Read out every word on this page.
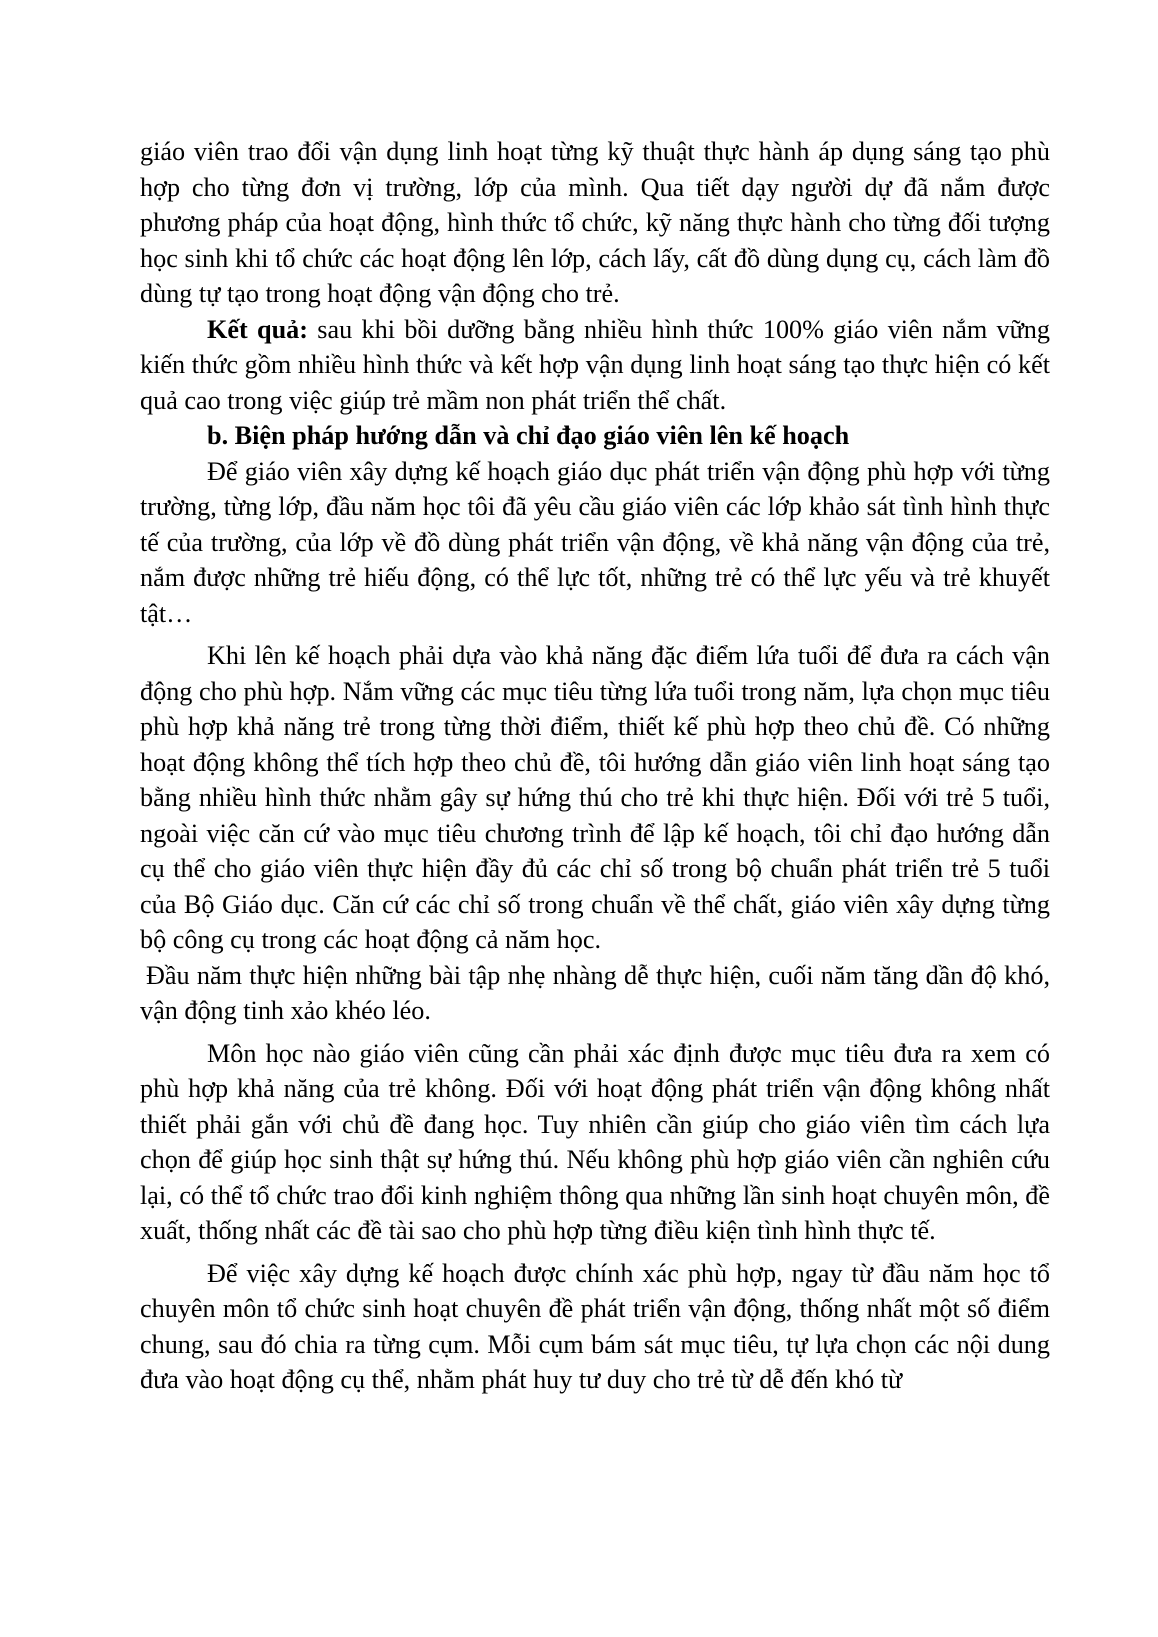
giáo viên trao đổi vận dụng linh hoạt từng kỹ thuật thực hành áp dụng sáng tạo phù hợp cho từng đơn vị trường, lớp của mình. Qua tiết dạy người dự đã nắm được phương pháp của hoạt động, hình thức tổ chức, kỹ năng thực hành cho từng đối tượng học sinh khi tổ chức các hoạt động lên lớp, cách lấy, cất đồ dùng dụng cụ, cách làm đồ dùng tự tạo trong hoạt động vận động cho trẻ.

Kết quả: sau khi bồi dưỡng bằng nhiều hình thức 100% giáo viên nắm vững kiến thức gồm nhiều hình thức và kết hợp vận dụng linh hoạt sáng tạo thực hiện có kết quả cao trong việc giúp trẻ mầm non phát triển thể chất.

b. Biện pháp hướng dẫn và chỉ đạo giáo viên lên kế hoạch

Để giáo viên xây dựng kế hoạch giáo dục phát triển vận động phù hợp với từng trường, từng lớp, đầu năm học tôi đã yêu cầu giáo viên các lớp khảo sát tình hình thực tế của trường, của lớp về đồ dùng phát triển vận động, về khả năng vận động của trẻ, nắm được những trẻ hiếu động, có thể lực tốt, những trẻ có thể lực yếu và trẻ khuyết tật…

Khi lên kế hoạch phải dựa vào khả năng đặc điểm lứa tuổi để đưa ra cách vận động cho phù hợp. Nắm vững các mục tiêu từng lứa tuổi trong năm, lựa chọn mục tiêu phù hợp khả năng trẻ trong từng thời điểm, thiết kế phù hợp theo chủ đề. Có những hoạt động không thể tích hợp theo chủ đề, tôi hướng dẫn giáo viên linh hoạt sáng tạo bằng nhiều hình thức nhằm gây sự hứng thú cho trẻ khi thực hiện. Đối với trẻ 5 tuổi, ngoài việc căn cứ vào mục tiêu chương trình để lập kế hoạch, tôi chỉ đạo hướng dẫn cụ thể cho giáo viên thực hiện đầy đủ các chỉ số trong bộ chuẩn phát triển trẻ 5 tuổi của Bộ Giáo dục. Căn cứ các chỉ số trong chuẩn về thể chất, giáo viên xây dựng từng bộ công cụ trong các hoạt động cả năm học.

Đầu năm thực hiện những bài tập nhẹ nhàng dễ thực hiện, cuối năm tăng dần độ khó, vận động tinh xảo khéo léo.

Môn học nào giáo viên cũng cần phải xác định được mục tiêu đưa ra xem có phù hợp khả năng của trẻ không. Đối với hoạt động phát triển vận động không nhất thiết phải gắn với chủ đề đang học. Tuy nhiên cần giúp cho giáo viên tìm cách lựa chọn để giúp học sinh thật sự hứng thú. Nếu không phù hợp giáo viên cần nghiên cứu lại, có thể tổ chức trao đổi kinh nghiệm thông qua những lần sinh hoạt chuyên môn, đề xuất, thống nhất các đề tài sao cho phù hợp từng điều kiện tình hình thực tế.

Để việc xây dựng kế hoạch được chính xác phù hợp, ngay từ đầu năm học tổ chuyên môn tổ chức sinh hoạt chuyên đề phát triển vận động, thống nhất một số điểm chung, sau đó chia ra từng cụm. Mỗi cụm bám sát mục tiêu, tự lựa chọn các nội dung đưa vào hoạt động cụ thể, nhằm phát huy tư duy cho trẻ từ dễ đến khó từ
